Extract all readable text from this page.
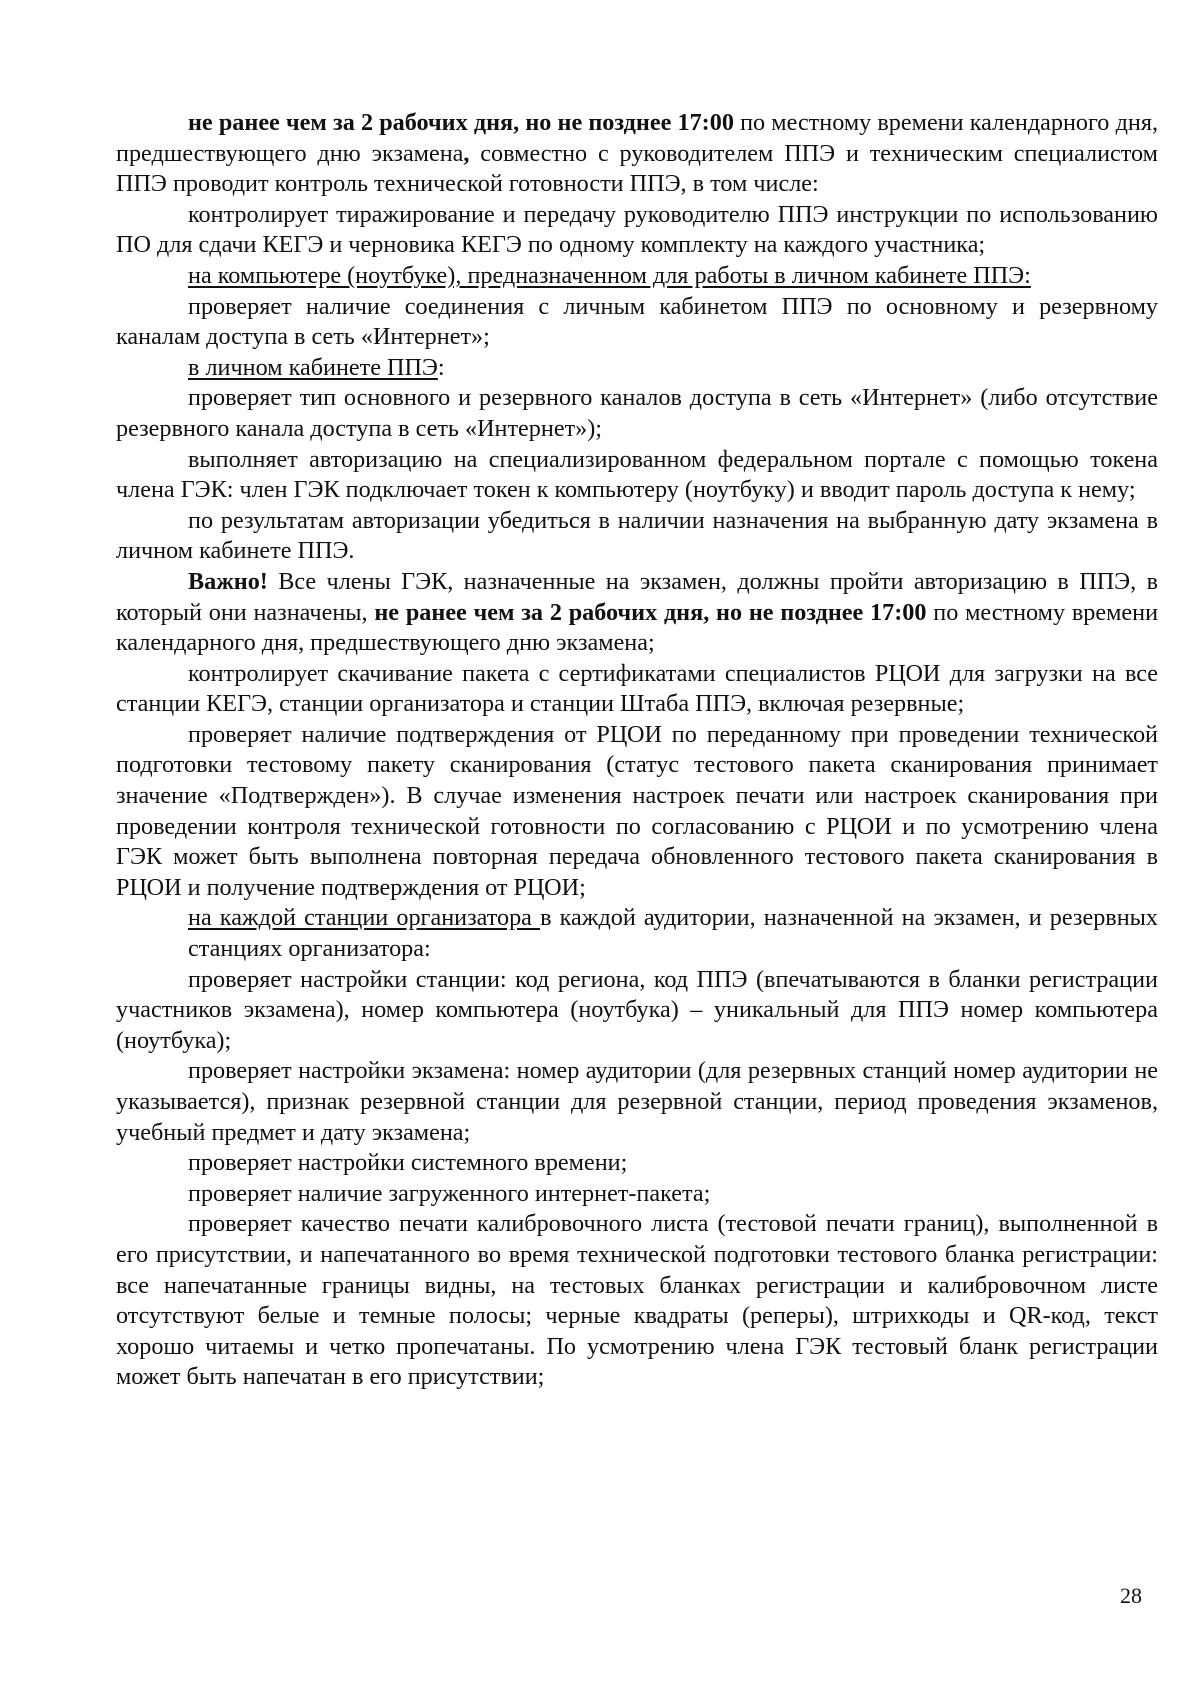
не ранее чем за 2 рабочих дня, но не позднее 17:00 по местному времени календарного дня, предшествующего дню экзамена, совместно с руководителем ППЭ и техническим специалистом ППЭ проводит контроль технической готовности ППЭ, в том числе:

контролирует тиражирование и передачу руководителю ППЭ инструкции по использованию ПО для сдачи КЕГЭ и черновика КЕГЭ по одному комплекту на каждого участника;

на компьютере (ноутбуке), предназначенном для работы в личном кабинете ППЭ:

проверяет наличие соединения с личным кабинетом ППЭ по основному и резервному каналам доступа в сеть «Интернет»;

в личном кабинете ППЭ:

проверяет тип основного и резервного каналов доступа в сеть «Интернет» (либо отсутствие резервного канала доступа в сеть «Интернет»);

выполняет авторизацию на специализированном федеральном портале с помощью токена члена ГЭК: член ГЭК подключает токен к компьютеру (ноутбуку) и вводит пароль доступа к нему;

по результатам авторизации убедиться в наличии назначения на выбранную дату экзамена в личном кабинете ППЭ.

Важно! Все члены ГЭК, назначенные на экзамен, должны пройти авторизацию в ППЭ, в который они назначены, не ранее чем за 2 рабочих дня, но не позднее 17:00 по местному времени календарного дня, предшествующего дню экзамена;

контролирует скачивание пакета с сертификатами специалистов РЦОИ для загрузки на все станции КЕГЭ, станции организатора и станции Штаба ППЭ, включая резервные;

проверяет наличие подтверждения от РЦОИ по переданному при проведении технической подготовки тестовому пакету сканирования (статус тестового пакета сканирования принимает значение «Подтвержден»). В случае изменения настроек печати или настроек сканирования при проведении контроля технической готовности по согласованию с РЦОИ и по усмотрению члена ГЭК может быть выполнена повторная передача обновленного тестового пакета сканирования в РЦОИ и получение подтверждения от РЦОИ;

на каждой станции организатора в каждой аудитории, назначенной на экзамен, и резервных станциях организатора:

проверяет настройки станции: код региона, код ППЭ (впечатываются в бланки регистрации участников экзамена), номер компьютера (ноутбука) – уникальный для ППЭ номер компьютера (ноутбука);

проверяет настройки экзамена: номер аудитории (для резервных станций номер аудитории не указывается), признак резервной станции для резервной станции, период проведения экзаменов, учебный предмет и дату экзамена;

проверяет настройки системного времени;

проверяет наличие загруженного интернет-пакета;

проверяет качество печати калибровочного листа (тестовой печати границ), выполненной в его присутствии, и напечатанного во время технической подготовки тестового бланка регистрации: все напечатанные границы видны, на тестовых бланках регистрации и калибровочном листе отсутствуют белые и темные полосы; черные квадраты (реперы), штрихкоды и QR-код, текст хорошо читаемы и четко пропечатаны. По усмотрению члена ГЭК тестовый бланк регистрации может быть напечатан в его присутствии;

28
